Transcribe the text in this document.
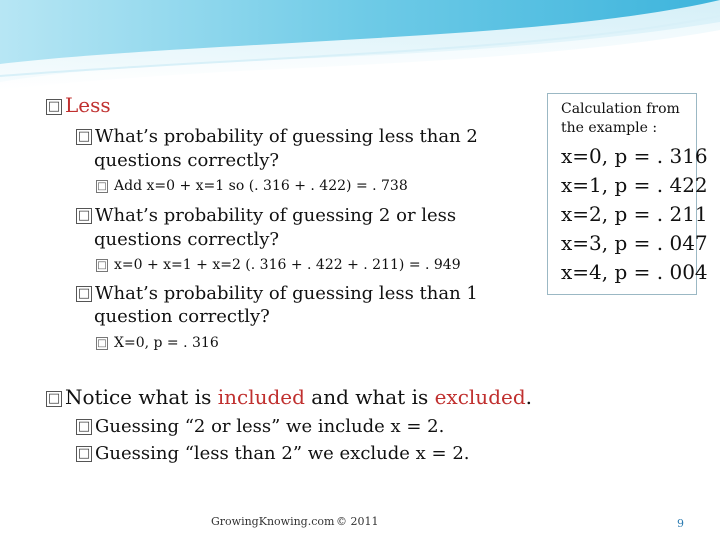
□ Less
□ What’s probability of guessing less than 2
questions correctly?
□ Add x=0 + x=1 so (. 316 + . 422) = . 738
□ What’s probability of guessing 2 or less
questions correctly?
□ x=0 + x=1 + x=2 (. 316 + . 422 + . 211) = . 949
□ What’s probability of guessing less than 1
question correctly?
□ X=0, p = . 316
□ Notice what is included and what is excluded.
□ Guessing “2 or less” we include x = 2.
□ Guessing “less than 2” we exclude x = 2.
Calculation from the example :
x=0, p = . 316
x=1, p = . 422
x=2, p = . 211
x=3, p = . 047
x=4, p = . 004
GrowingKnowing.com © 2011	9
